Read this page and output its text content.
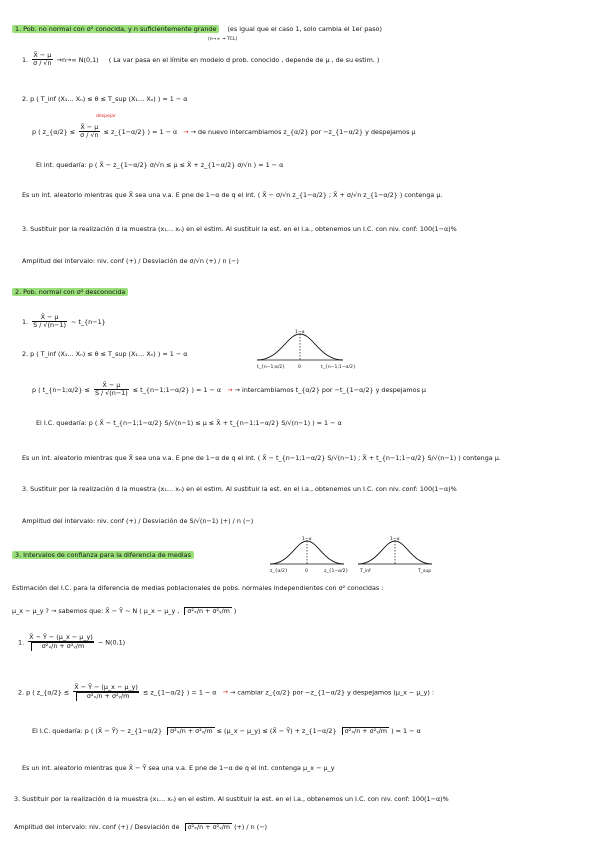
1. Pob. no normal con σ² conocida, y n suficientemente grande (es igual que el caso 1, solo cambia el 1er paso)
(n→∞ ⇒ TCL)
1. $\frac{X̄ - \mu}{\sigma / √n} \to n\to\infty$ N(0,1) ( La var pasa en el límite en modelo d prob. conocido , depende de μ , de su estim. )
2. p ( T_inf (X₁… Xₙ) ≤ θ ≤ T_sup (X₁… Xₙ) ) = 1 − α
despejar
p ( z_{α/2} ≤ $\frac{X̄ - \mu}{\sigma / √n}$ ≤ z_{1−α/2} ) = 1 − α → → de nuevo intercambiamos z_{α/2} por −z_{1−α/2} y despejamos μ
El int. quedaría: p ( X̄ − z_{1−α/2} σ/√n ≤ μ ≤ X̄ + z_{1−α/2} σ/√n ) = 1 − α
Es un int. aleatorio mientras que X̄ sea una v.a. E pne de 1−α de q el int. ( X̄ − σ/√n z_{1−α/2} ; X̄ + σ/√n z_{1−α/2} ) contenga μ.
3. Sustituir por la realización d la muestra (x₁… xₙ) en el estim. Al sustituir la est. en el i.a., obtenemos un I.C. con niv. conf: 100(1−α)%
Amplitud del intervalo: niv. conf (+) / Desviación de σ/√n (+) / n (−)
2. Pob. normal con σ² desconocida
1. $\frac{X̄ - \mu}{S / √(n-1)}$ ∼ t_{n−1}
2. p ( T_inf (X₁… Xₙ) ≤ θ ≤ T_sup (X₁… Xₙ) ) = 1 − α
1−α
t_{n−1;α/2}	0	t_{n−1;1−α/2}
p ( t_{n−1;α/2} ≤ $\frac{X̄ - \mu}{S / √(n-1)}$ ≤ t_{n−1;1−α/2} ) = 1 − α → → intercambiamos t_{α/2} por −t_{1−α/2} y despejamos μ
El I.C. quedaría: p ( X̄ − t_{n−1;1−α/2} S/√(n−1) ≤ μ ≤ X̄ + t_{n−1;1−α/2} S/√(n−1) ) = 1 − α
Es un int. aleatorio mientras que X̄ sea una v.a. E pne de 1−α de q el int. ( X̄ − t_{n−1;1−α/2} S/√(n−1) ; X̄ + t_{n−1;1−α/2} S/√(n−1) ) contenga μ.
3. Sustituir por la realización d la muestra (x₁… xₙ) en el estim. Al sustituir la est. en el i.a., obtenemos un I.C. con niv. conf: 100(1−α)%
Amplitud del intervalo: niv. conf (+) / Desviación de S/√(n−1) (+) / n (−)
3. Intervalos de confianza para la diferencia de medias
1−α
z_{α/2}	0	z_{1−α/2}
1−α
T_inf	T_sup
Estimación del I.C. para la diferencia de medias poblacionales de pobs. normales independientes con σ² conocidas :
μ_x − μ_y ? → sabemos que: X̄ − Ȳ ∼ N ( μ_x − μ_y , σ²ₓ/n + σ²ᵧ/m )
1. $\frac{X̄ - Ȳ - (\mu\_x - \mu\_y)}{\text{σ²ₓ/n + σ²ᵧ/m}}$ ∼ N(0,1)
2. p ( z_{α/2} ≤ $\frac{X̄ - Ȳ - (\mu\_x - \mu\_y)}{\text{σ²ₓ/n + σ²ᵧ/m}}$ ≤ z_{1−α/2} ) = 1 − α → → cambiar z_{α/2} por −z_{1−α/2} y despejamos (μ_x − μ_y) :
El I.C. quedaría: p ( (X̄ − Ȳ) − z_{1−α/2} σ²ₓ/n + σ²ᵧ/m ≤ (μ_x − μ_y) ≤ (X̄ − Ȳ) + z_{1−α/2} σ²ₓ/n + σ²ᵧ/m ) = 1 − α
Es un int. aleatorio mientras que X̄ − Ȳ sea una v.a. E pne de 1−α de q el int. contenga μ_x − μ_y
3. Sustituir por la realización d la muestra (x₁… xₙ) en el estim. Al sustituir la est. en el i.a., obtenemos un I.C. con niv. conf: 100(1−α)%
Amplitud del intervalo: niv. conf (+) / Desviación de σ²ₓ/n + σ²ᵧ/m (+) / n (−)
